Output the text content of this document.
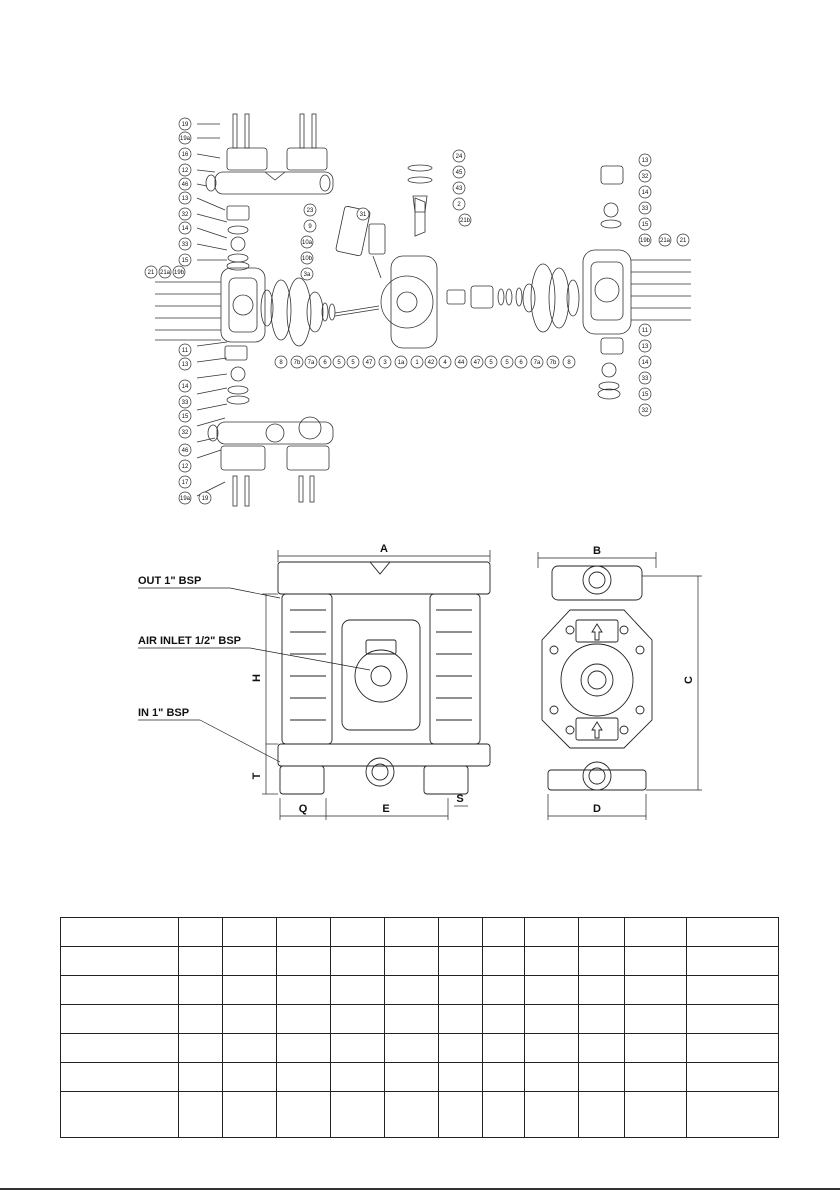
19
19a
16
12
46
13
32
14
33
15
21 21a 19b
11
13
14
33
15
32
46
12
17
19a 19
24
45
43
2
21b
23
9
31
10a
10b
3a
8 7b 7a 6 5 5 47 3 1a 1 42 4 44 47 5 5 6 7a 7b 8
13
32
14
33
15
19b 21a 21
11
13
14
33
15
32
OUT 1" BSP
AIR INLET 1/2" BSP
IN 1" BSP
A	B
C
D
E
H
Q
S
T
